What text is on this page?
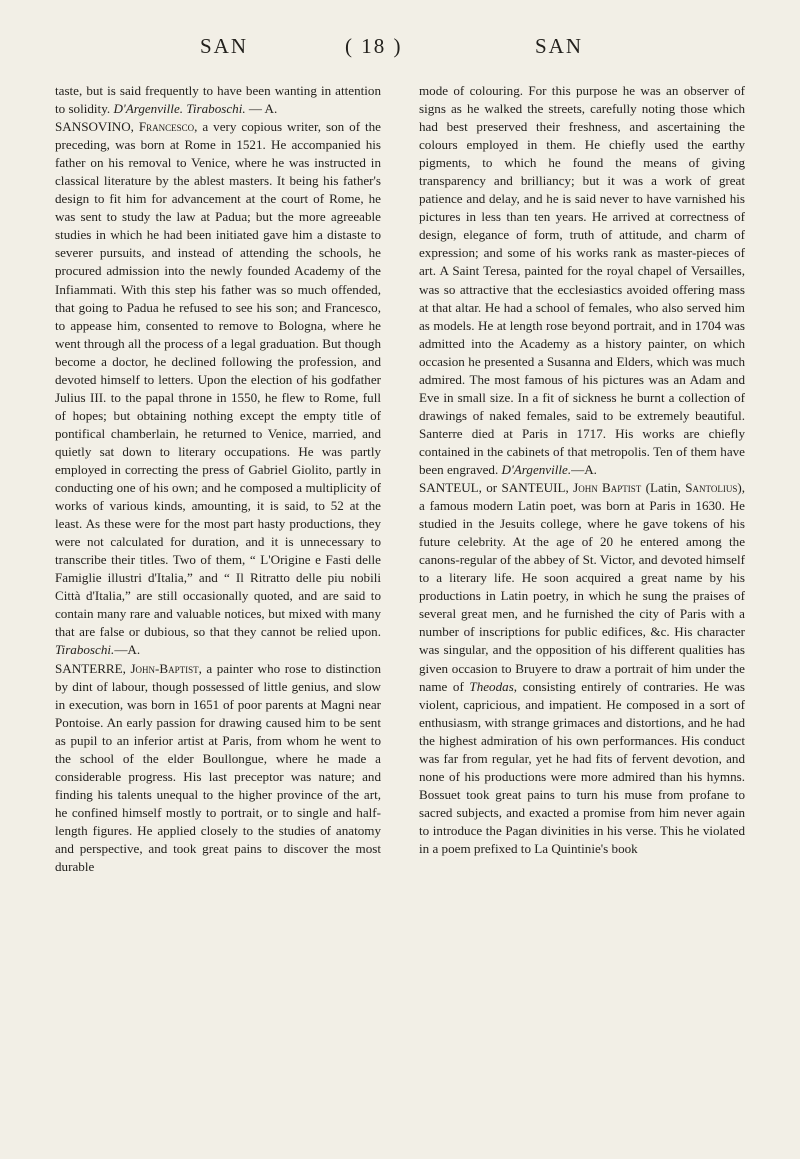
SAN	( 18 )	SAN

taste, but is said frequently to have been wanting in attention to solidity. D'Argenville. Tiraboschi. — A.

SANSOVINO, Francesco, a very copious writer, son of the preceding, was born at Rome in 1521. He accompanied his father on his removal to Venice, where he was instructed in classical literature by the ablest masters. It being his father's design to fit him for advancement at the court of Rome, he was sent to study the law at Padua; but the more agreeable studies in which he had been initiated gave him a distaste to severer pursuits, and instead of attending the schools, he procured admission into the newly founded Academy of the Infiammati. With this step his father was so much offended, that going to Padua he refused to see his son; and Francesco, to appease him, consented to remove to Bologna, where he went through all the process of a legal graduation. But though become a doctor, he declined following the profession, and devoted himself to letters. Upon the election of his godfather Julius III. to the papal throne in 1550, he flew to Rome, full of hopes; but obtaining nothing except the empty title of pontifical chamberlain, he returned to Venice, married, and quietly sat down to literary occupations. He was partly employed in correcting the press of Gabriel Giolito, partly in conducting one of his own; and he composed a multiplicity of works of various kinds, amounting, it is said, to 52 at the least. As these were for the most part hasty productions, they were not calculated for duration, and it is unnecessary to transcribe their titles. Two of them, “ L'Origine e Fasti delle Famiglie illustri d'Italia,” and “ Il Ritratto delle piu nobili Città d'Italia,” are still occasionally quoted, and are said to contain many rare and valuable notices, but mixed with many that are false or dubious, so that they cannot be relied upon. Tiraboschi.—A.

SANTERRE, John-Baptist, a painter who rose to distinction by dint of labour, though possessed of little genius, and slow in execution, was born in 1651 of poor parents at Magni near Pontoise. An early passion for drawing caused him to be sent as pupil to an inferior artist at Paris, from whom he went to the school of the elder Boullongue, where he made a considerable progress. His last preceptor was nature; and finding his talents unequal to the higher province of the art, he confined himself mostly to portrait, or to single and half-length figures. He applied closely to the studies of anatomy and perspective, and took great pains to discover the most durable

mode of colouring. For this purpose he was an observer of signs as he walked the streets, carefully noting those which had best preserved their freshness, and ascertaining the colours employed in them. He chiefly used the earthy pigments, to which he found the means of giving transparency and brilliancy; but it was a work of great patience and delay, and he is said never to have varnished his pictures in less than ten years. He arrived at correctness of design, elegance of form, truth of attitude, and charm of expression; and some of his works rank as master-pieces of art. A Saint Teresa, painted for the royal chapel of Versailles, was so attractive that the ecclesiastics avoided offering mass at that altar. He had a school of females, who also served him as models. He at length rose beyond portrait, and in 1704 was admitted into the Academy as a history painter, on which occasion he presented a Susanna and Elders, which was much admired. The most famous of his pictures was an Adam and Eve in small size. In a fit of sickness he burnt a collection of drawings of naked females, said to be extremely beautiful. Santerre died at Paris in 1717. His works are chiefly contained in the cabinets of that metropolis. Ten of them have been engraved. D'Argenville.—A.

SANTEUL, or SANTEUIL, John Baptist (Latin, Santolius), a famous modern Latin poet, was born at Paris in 1630. He studied in the Jesuits college, where he gave tokens of his future celebrity. At the age of 20 he entered among the canons-regular of the abbey of St. Victor, and devoted himself to a literary life. He soon acquired a great name by his productions in Latin poetry, in which he sung the praises of several great men, and he furnished the city of Paris with a number of inscriptions for public edifices, &c. His character was singular, and the opposition of his different qualities has given occasion to Bruyere to draw a portrait of him under the name of Theodas, consisting entirely of contraries. He was violent, capricious, and impatient. He composed in a sort of enthusiasm, with strange grimaces and distortions, and he had the highest admiration of his own performances. His conduct was far from regular, yet he had fits of fervent devotion, and none of his productions were more admired than his hymns. Bossuet took great pains to turn his muse from profane to sacred subjects, and exacted a promise from him never again to introduce the Pagan divinities in his verse. This he violated in a poem prefixed to La Quintinie's book
